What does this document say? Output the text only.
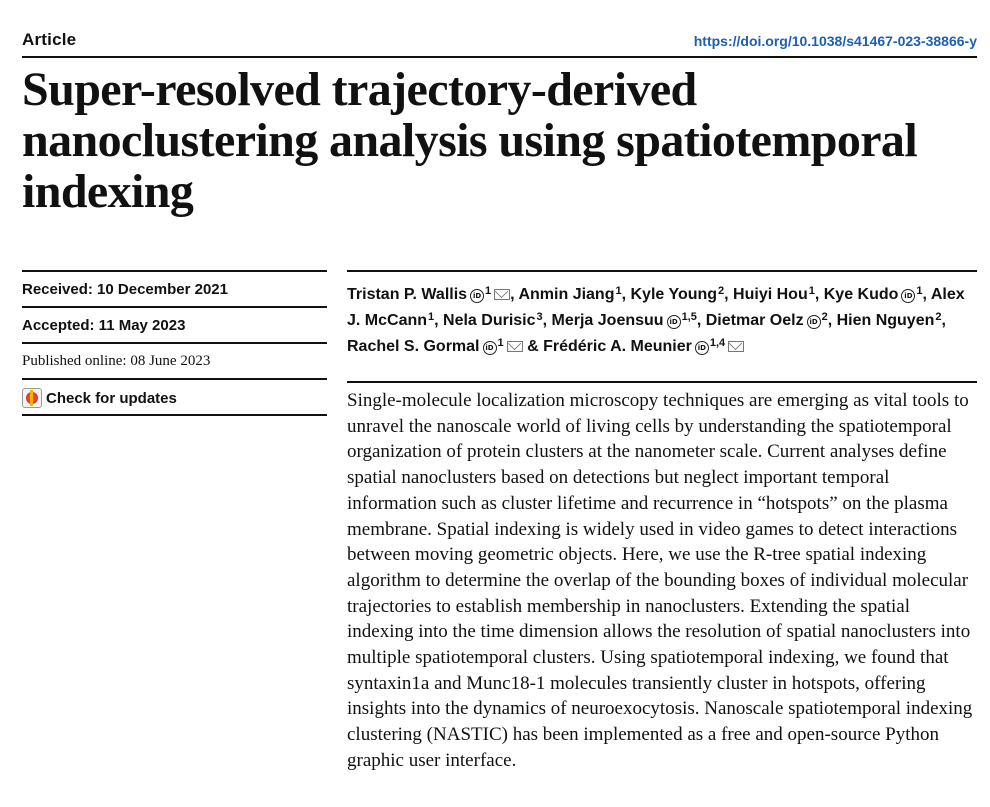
Article	https://doi.org/10.1038/s41467-023-38866-y
Super-resolved trajectory-derived nanoclustering analysis using spatiotemporal indexing
Received: 10 December 2021
Accepted: 11 May 2023
Published online: 08 June 2023
Check for updates

Tristan P. Wallis iD $^1$ , Anmin Jiang$^1$, Kyle Young$^2$, Huiyi Hou$^1$, Kye Kudo iD $^1$, Alex J. McCann$^1$, Nela Durisic$^3$, Merja Joensuu iD $^{1,5}$, Dietmar Oelz iD $^2$, Hien Nguyen$^2$, Rachel S. Gormal iD $^1$ & Frédéric A. Meunier iD $^{1,4}$

Single-molecule localization microscopy techniques are emerging as vital tools to unravel the nanoscale world of living cells by understanding the spatiotemporal organization of protein clusters at the nanometer scale. Current analyses define spatial nanoclusters based on detections but neglect important temporal information such as cluster lifetime and recurrence in “hotspots” on the plasma membrane. Spatial indexing is widely used in video games to detect interactions between moving geometric objects. Here, we use the R-tree spatial indexing algorithm to determine the overlap of the bounding boxes of individual molecular trajectories to establish membership in nanoclusters. Extending the spatial indexing into the time dimension allows the resolution of spatial nanoclusters into multiple spatiotemporal clusters. Using spatiotemporal indexing, we found that syntaxin1a and Munc18-1 molecules transiently cluster in hotspots, offering insights into the dynamics of neuroexocytosis. Nanoscale spatiotemporal indexing clustering (NASTIC) has been implemented as a free and open-source Python graphic user interface.
